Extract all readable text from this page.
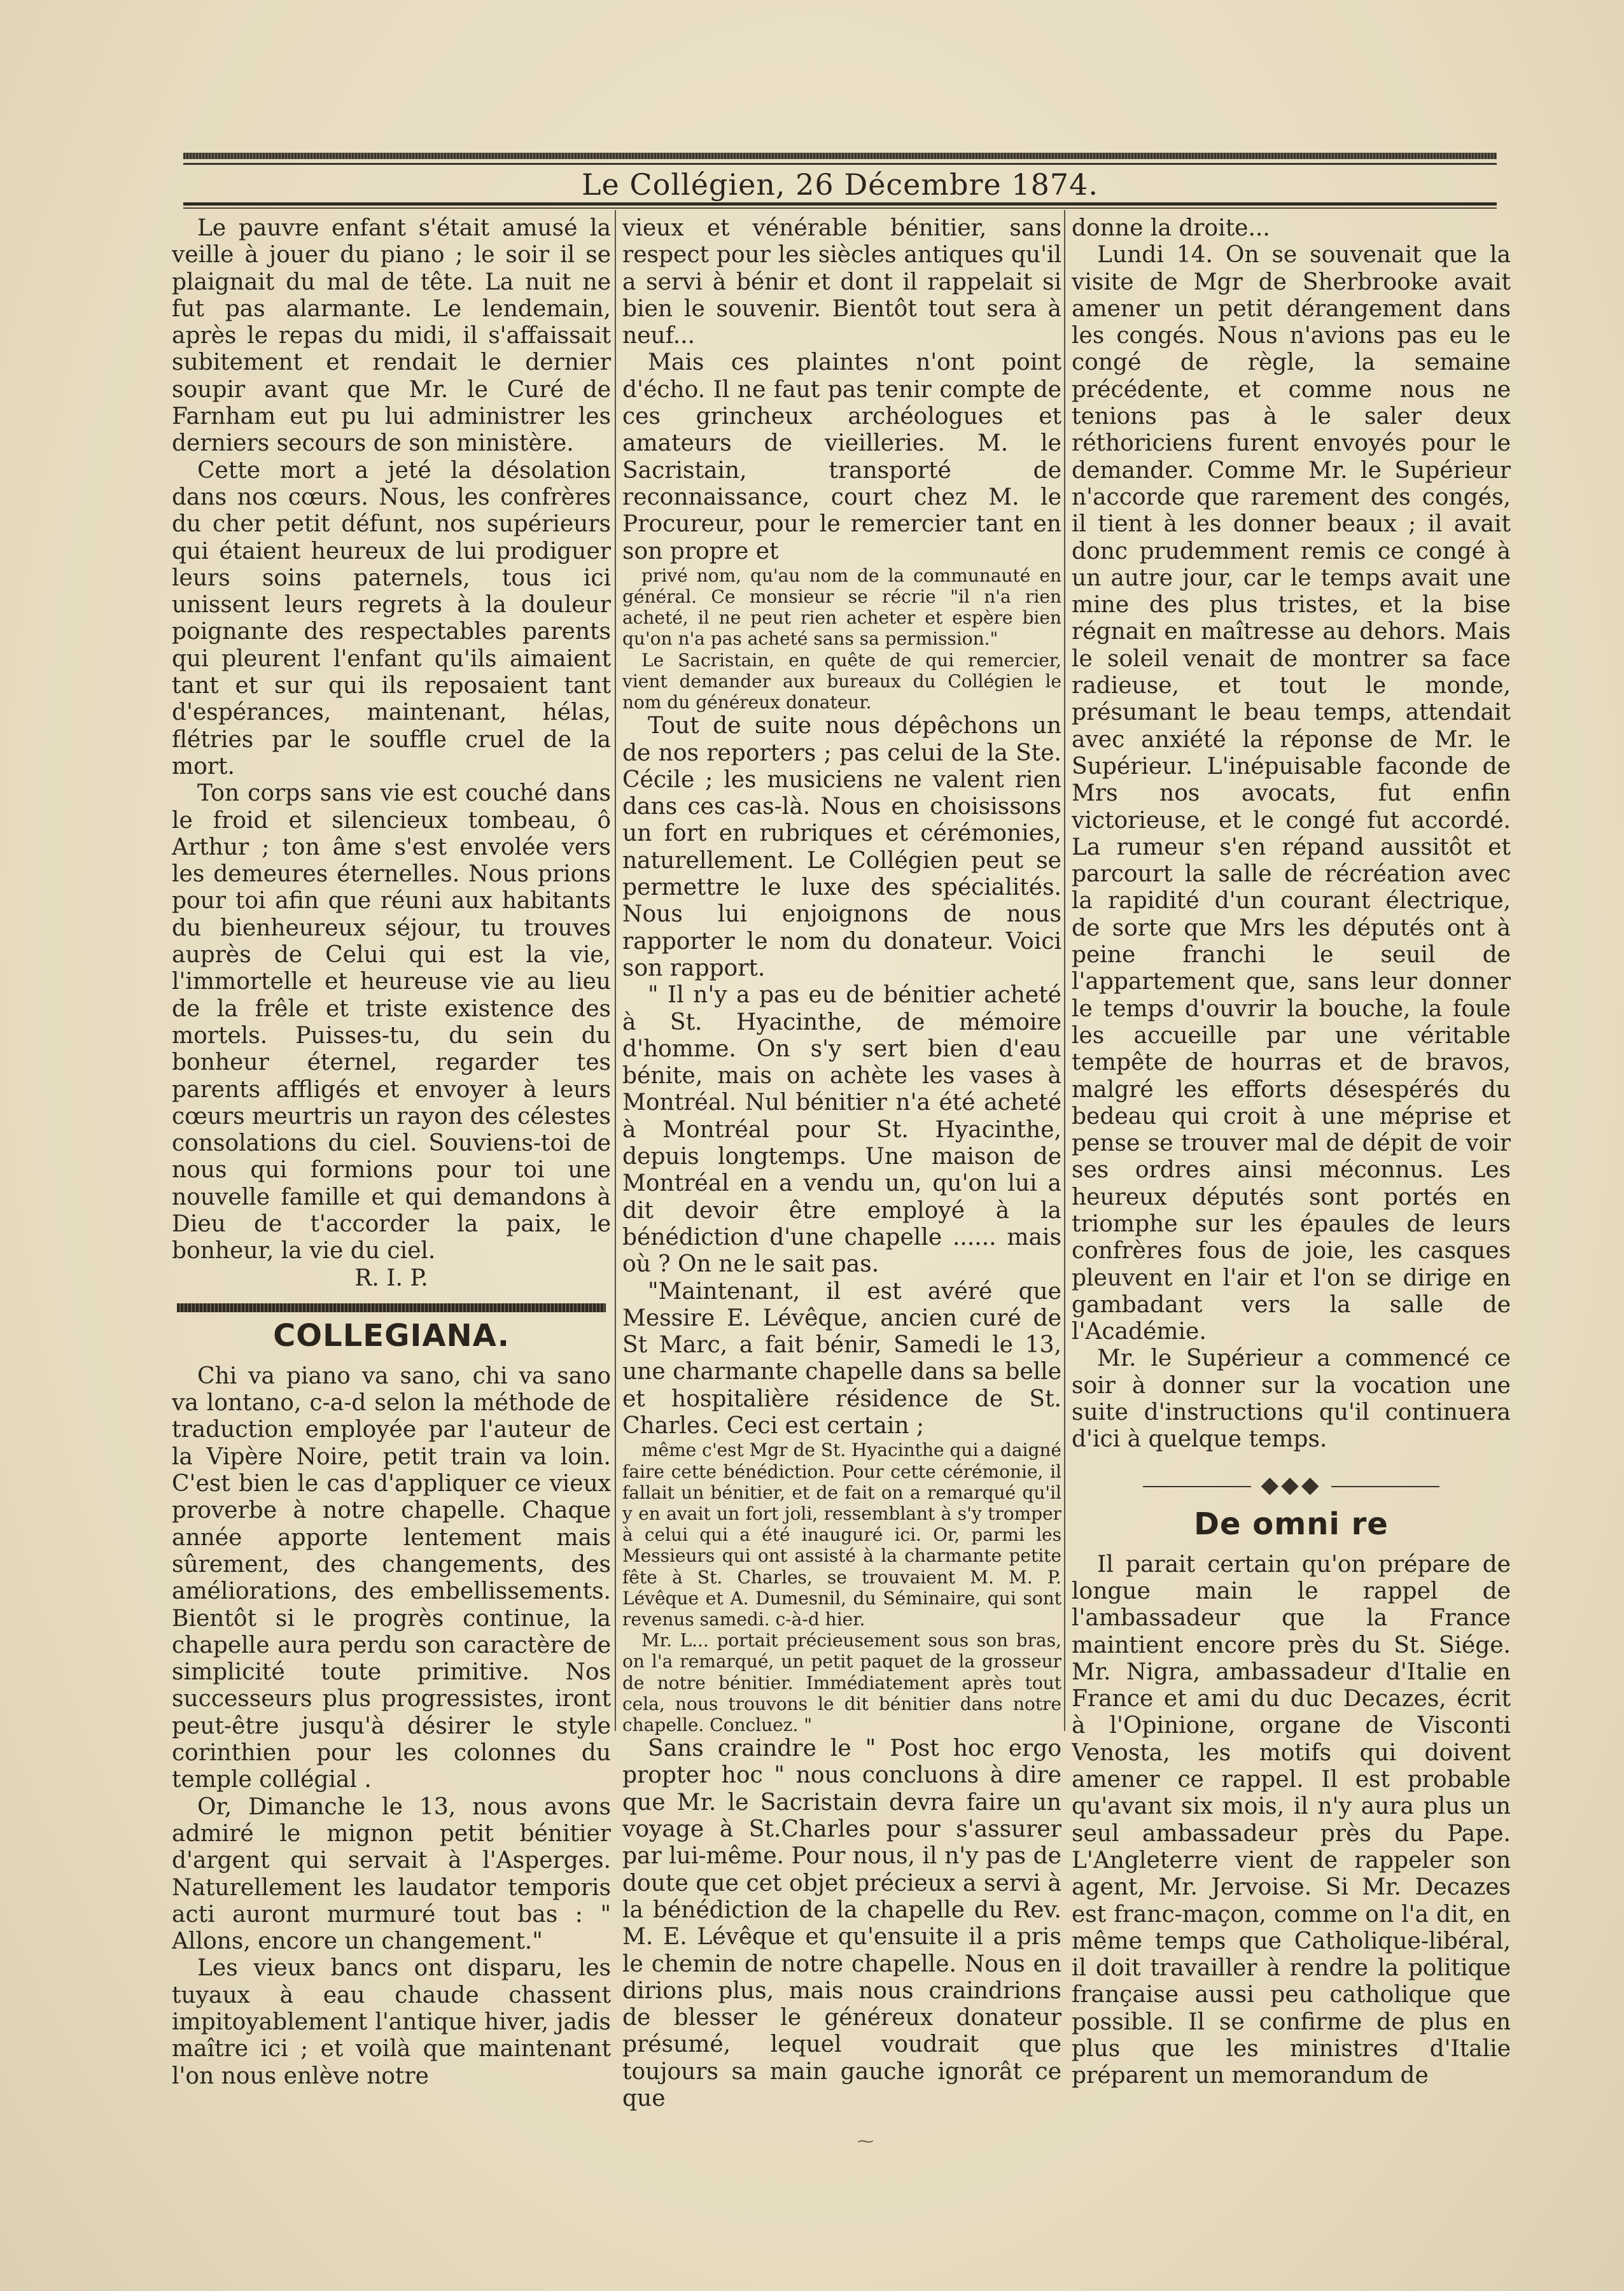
Le Collégien, 26 Décembre 1874.

Le pauvre enfant s'était amusé la veille à jouer du piano ; le soir il se plaignait du mal de tête. La nuit ne fut pas alarmante. Le lendemain, après le repas du midi, il s'affaissait subitement et rendait le dernier soupir avant que Mr. le Curé de Farnham eut pu lui administrer les derniers secours de son ministère.

Cette mort a jeté la désolation dans nos cœurs. Nous, les confrères du cher petit défunt, nos supérieurs qui étaient heureux de lui prodiguer leurs soins paternels, tous ici unissent leurs regrets à la douleur poignante des respectables parents qui pleurent l'enfant qu'ils aimaient tant et sur qui ils reposaient tant d'espérances, maintenant, hélas, flétries par le souffle cruel de la mort.

Ton corps sans vie est couché dans le froid et silencieux tombeau, ô Arthur ; ton âme s'est envolée vers les demeures éternelles. Nous prions pour toi afin que réuni aux habitants du bienheureux séjour, tu trouves auprès de Celui qui est la vie, l'immortelle et heureuse vie au lieu de la frêle et triste existence des mortels. Puisses-tu, du sein du bonheur éternel, regarder tes parents affligés et envoyer à leurs cœurs meurtris un rayon des célestes consolations du ciel. Souviens-toi de nous qui formions pour toi une nouvelle famille et qui demandons à Dieu de t'accorder la paix, le bonheur, la vie du ciel.

R. I. P.

COLLEGIANA.

Chi va piano va sano, chi va sano va lontano, c-a-d selon la méthode de traduction employée par l'auteur de la Vipère Noire, petit train va loin. C'est bien le cas d'appliquer ce vieux proverbe à notre chapelle. Chaque année apporte lentement mais sûrement, des changements, des améliorations, des embellissements. Bientôt si le progrès continue, la chapelle aura perdu son caractère de simplicité toute primitive. Nos successeurs plus progressistes, iront peut-être jusqu'à désirer le style corinthien pour les colonnes du temple collégial .

Or, Dimanche le 13, nous avons admiré le mignon petit bénitier d'argent qui servait à l'Asperges. Naturellement les laudator temporis acti auront murmuré tout bas : " Allons, encore un changement."

Les vieux bancs ont disparu, les tuyaux à eau chaude chassent impitoyablement l'antique hiver, jadis maître ici ; et voilà que maintenant l'on nous enlève notre

vieux et vénérable bénitier, sans respect pour les siècles antiques qu'il a servi à bénir et dont il rappelait si bien le souvenir. Bientôt tout sera à neuf...

Mais ces plaintes n'ont point d'écho. Il ne faut pas tenir compte de ces grincheux archéologues et amateurs de vieilleries. M. le Sacristain, transporté de reconnaissance, court chez M. le Procureur, pour le remercier tant en son propre et

privé nom, qu'au nom de la communauté en général. Ce monsieur se récrie "il n'a rien acheté, il ne peut rien acheter et espère bien qu'on n'a pas acheté sans sa permission."

Le Sacristain, en quête de qui remercier, vient demander aux bureaux du Collégien le nom du généreux donateur.

Tout de suite nous dépêchons un de nos reporters ; pas celui de la Ste. Cécile ; les musiciens ne valent rien dans ces cas-là. Nous en choisissons un fort en rubriques et cérémonies, naturellement. Le Collégien peut se permettre le luxe des spécialités. Nous lui enjoignons de nous rapporter le nom du donateur. Voici son rapport.

" Il n'y a pas eu de bénitier acheté à St. Hyacinthe, de mémoire d'homme. On s'y sert bien d'eau bénite, mais on achète les vases à Montréal. Nul bénitier n'a été acheté à Montréal pour St. Hyacinthe, depuis longtemps. Une maison de Montréal en a vendu un, qu'on lui a dit devoir être employé à la bénédiction d'une chapelle ...... mais où ? On ne le sait pas.

"Maintenant, il est avéré que Messire E. Lévêque, ancien curé de St Marc, a fait bénir, Samedi le 13, une charmante chapelle dans sa belle et hospitalière résidence de St. Charles. Ceci est certain ;

même c'est Mgr de St. Hyacinthe qui a daigné faire cette bénédiction. Pour cette cérémonie, il fallait un bénitier, et de fait on a remarqué qu'il y en avait un fort joli, ressemblant à s'y tromper à celui qui a été inauguré ici. Or, parmi les Messieurs qui ont assisté à la charmante petite fête à St. Charles, se trouvaient M. M. P. Lévêque et A. Dumesnil, du Séminaire, qui sont revenus samedi. c-à-d hier.

Mr. L... portait précieusement sous son bras, on l'a remarqué, un petit paquet de la grosseur de notre bénitier. Immédiatement après tout cela, nous trouvons le dit bénitier dans notre chapelle. Concluez. "

Sans craindre le " Post hoc ergo propter hoc " nous concluons à dire que Mr. le Sacristain devra faire un voyage à St.Charles pour s'assurer par lui-même. Pour nous, il n'y pas de doute que cet objet précieux a servi à la bénédiction de la chapelle du Rev. M. E. Lévêque et qu'ensuite il a pris le chemin de notre chapelle. Nous en dirions plus, mais nous craindrions de blesser le généreux donateur présumé, lequel voudrait que toujours sa main gauche ignorât ce que

donne la droite...

Lundi 14. On se souvenait que la visite de Mgr de Sherbrooke avait amener un petit dérangement dans les congés. Nous n'avions pas eu le congé de règle, la semaine précédente, et comme nous ne tenions pas à le saler deux réthoriciens furent envoyés pour le demander. Comme Mr. le Supérieur n'accorde que rarement des congés, il tient à les donner beaux ; il avait donc prudemment remis ce congé à un autre jour, car le temps avait une mine des plus tristes, et la bise régnait en maîtresse au dehors. Mais le soleil venait de montrer sa face radieuse, et tout le monde, présumant le beau temps, attendait avec anxiété la réponse de Mr. le Supérieur. L'inépuisable faconde de Mrs nos avocats, fut enfin victorieuse, et le congé fut accordé. La rumeur s'en répand aussitôt et parcourt la salle de récréation avec la rapidité d'un courant électrique, de sorte que Mrs les députés ont à peine franchi le seuil de l'appartement que, sans leur donner le temps d'ouvrir la bouche, la foule les accueille par une véritable tempête de hourras et de bravos, malgré les efforts désespérés du bedeau qui croit à une méprise et pense se trouver mal de dépit de voir ses ordres ainsi méconnus. Les heureux députés sont portés en triomphe sur les épaules de leurs confrères fous de joie, les casques pleuvent en l'air et l'on se dirige en gambadant vers la salle de l'Académie.

Mr. le Supérieur a commencé ce soir à donner sur la vocation une suite d'instructions qu'il continuera d'ici à quelque temps.

◆◆◆
De omni re

Il parait certain qu'on prépare de longue main le rappel de l'ambassadeur que la France maintient encore près du St. Siége. Mr. Nigra, ambassadeur d'Italie en France et ami du duc Decazes, écrit à l'Opinione, organe de Visconti Venosta, les motifs qui doivent amener ce rappel. Il est probable qu'avant six mois, il n'y aura plus un seul ambassadeur près du Pape. L'Angleterre vient de rappeler son agent, Mr. Jervoise. Si Mr. Decazes est franc-maçon, comme on l'a dit, en même temps que Catholique-libéral, il doit travailler à rendre la politique française aussi peu catholique que possible. Il se confirme de plus en plus que les ministres d'Italie préparent un memorandum de

⁓
